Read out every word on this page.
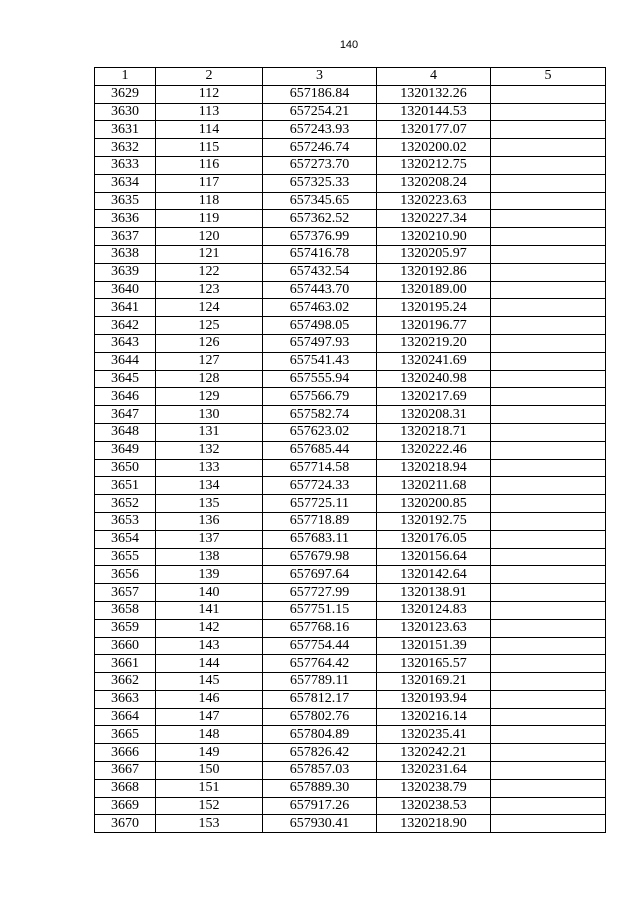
140
1	2	3	4	5
3629	112	657186.84	1320132.26	
3630	113	657254.21	1320144.53	
3631	114	657243.93	1320177.07	
3632	115	657246.74	1320200.02	
3633	116	657273.70	1320212.75	
3634	117	657325.33	1320208.24	
3635	118	657345.65	1320223.63	
3636	119	657362.52	1320227.34	
3637	120	657376.99	1320210.90	
3638	121	657416.78	1320205.97	
3639	122	657432.54	1320192.86	
3640	123	657443.70	1320189.00	
3641	124	657463.02	1320195.24	
3642	125	657498.05	1320196.77	
3643	126	657497.93	1320219.20	
3644	127	657541.43	1320241.69	
3645	128	657555.94	1320240.98	
3646	129	657566.79	1320217.69	
3647	130	657582.74	1320208.31	
3648	131	657623.02	1320218.71	
3649	132	657685.44	1320222.46	
3650	133	657714.58	1320218.94	
3651	134	657724.33	1320211.68	
3652	135	657725.11	1320200.85	
3653	136	657718.89	1320192.75	
3654	137	657683.11	1320176.05	
3655	138	657679.98	1320156.64	
3656	139	657697.64	1320142.64	
3657	140	657727.99	1320138.91	
3658	141	657751.15	1320124.83	
3659	142	657768.16	1320123.63	
3660	143	657754.44	1320151.39	
3661	144	657764.42	1320165.57	
3662	145	657789.11	1320169.21	
3663	146	657812.17	1320193.94	
3664	147	657802.76	1320216.14	
3665	148	657804.89	1320235.41	
3666	149	657826.42	1320242.21	
3667	150	657857.03	1320231.64	
3668	151	657889.30	1320238.79	
3669	152	657917.26	1320238.53	
3670	153	657930.41	1320218.90	
